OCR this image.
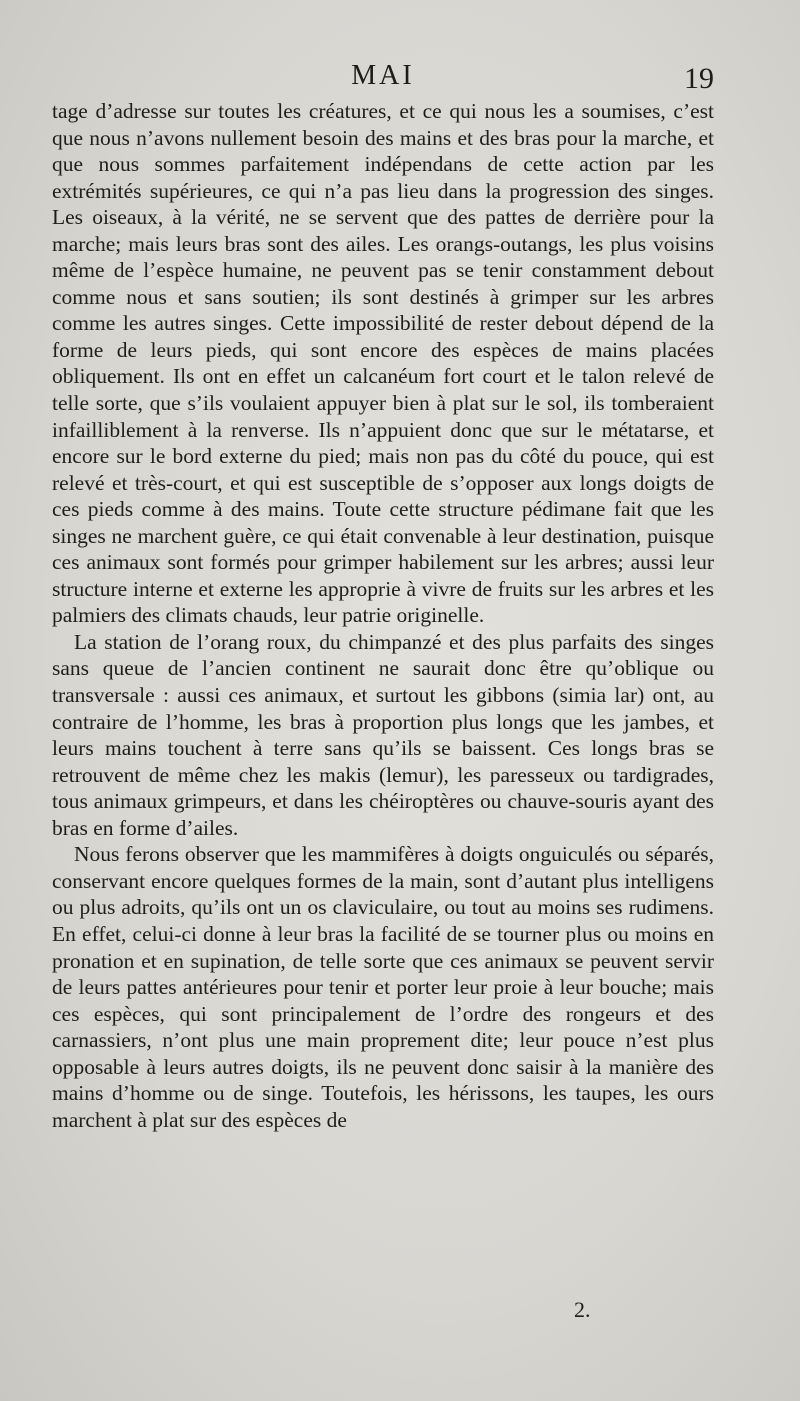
MAI	19

tage d’adresse sur toutes les créatures, et ce qui nous les a soumises, c’est que nous n’avons nullement besoin des mains et des bras pour la marche, et que nous sommes parfaitement indépendans de cette action par les extrémités supérieures, ce qui n’a pas lieu dans la progression des singes. Les oiseaux, à la vérité, ne se servent que des pattes de derrière pour la marche; mais leurs bras sont des ailes. Les orangs-outangs, les plus voisins même de l’espèce humaine, ne peuvent pas se tenir constamment debout comme nous et sans soutien; ils sont destinés à grimper sur les arbres comme les autres singes. Cette impossibilité de rester debout dépend de la forme de leurs pieds, qui sont encore des espèces de mains placées obliquement. Ils ont en effet un calcanéum fort court et le talon relevé de telle sorte, que s’ils voulaient appuyer bien à plat sur le sol, ils tomberaient infailliblement à la renverse. Ils n’appuient donc que sur le métatarse, et encore sur le bord externe du pied; mais non pas du côté du pouce, qui est relevé et très-court, et qui est susceptible de s’opposer aux longs doigts de ces pieds comme à des mains. Toute cette structure pédimane fait que les singes ne marchent guère, ce qui était convenable à leur destination, puisque ces animaux sont formés pour grimper habilement sur les arbres; aussi leur structure interne et externe les approprie à vivre de fruits sur les arbres et les palmiers des climats chauds, leur patrie originelle.

La station de l’orang roux, du chimpanzé et des plus parfaits des singes sans queue de l’ancien continent ne saurait donc être qu’oblique ou transversale : aussi ces animaux, et surtout les gibbons (simia lar) ont, au contraire de l’homme, les bras à proportion plus longs que les jambes, et leurs mains touchent à terre sans qu’ils se baissent. Ces longs bras se retrouvent de même chez les makis (lemur), les paresseux ou tardigrades, tous animaux grimpeurs, et dans les chéiroptères ou chauve-souris ayant des bras en forme d’ailes.

Nous ferons observer que les mammifères à doigts onguiculés ou séparés, conservant encore quelques formes de la main, sont d’autant plus intelligens ou plus adroits, qu’ils ont un os claviculaire, ou tout au moins ses rudimens. En effet, celui-ci donne à leur bras la facilité de se tourner plus ou moins en pronation et en supination, de telle sorte que ces animaux se peuvent servir de leurs pattes antérieures pour tenir et porter leur proie à leur bouche; mais ces espèces, qui sont principalement de l’ordre des rongeurs et des carnassiers, n’ont plus une main proprement dite; leur pouce n’est plus opposable à leurs autres doigts, ils ne peuvent donc saisir à la manière des mains d’homme ou de singe. Toutefois, les hérissons, les taupes, les ours marchent à plat sur des espèces de

2.
